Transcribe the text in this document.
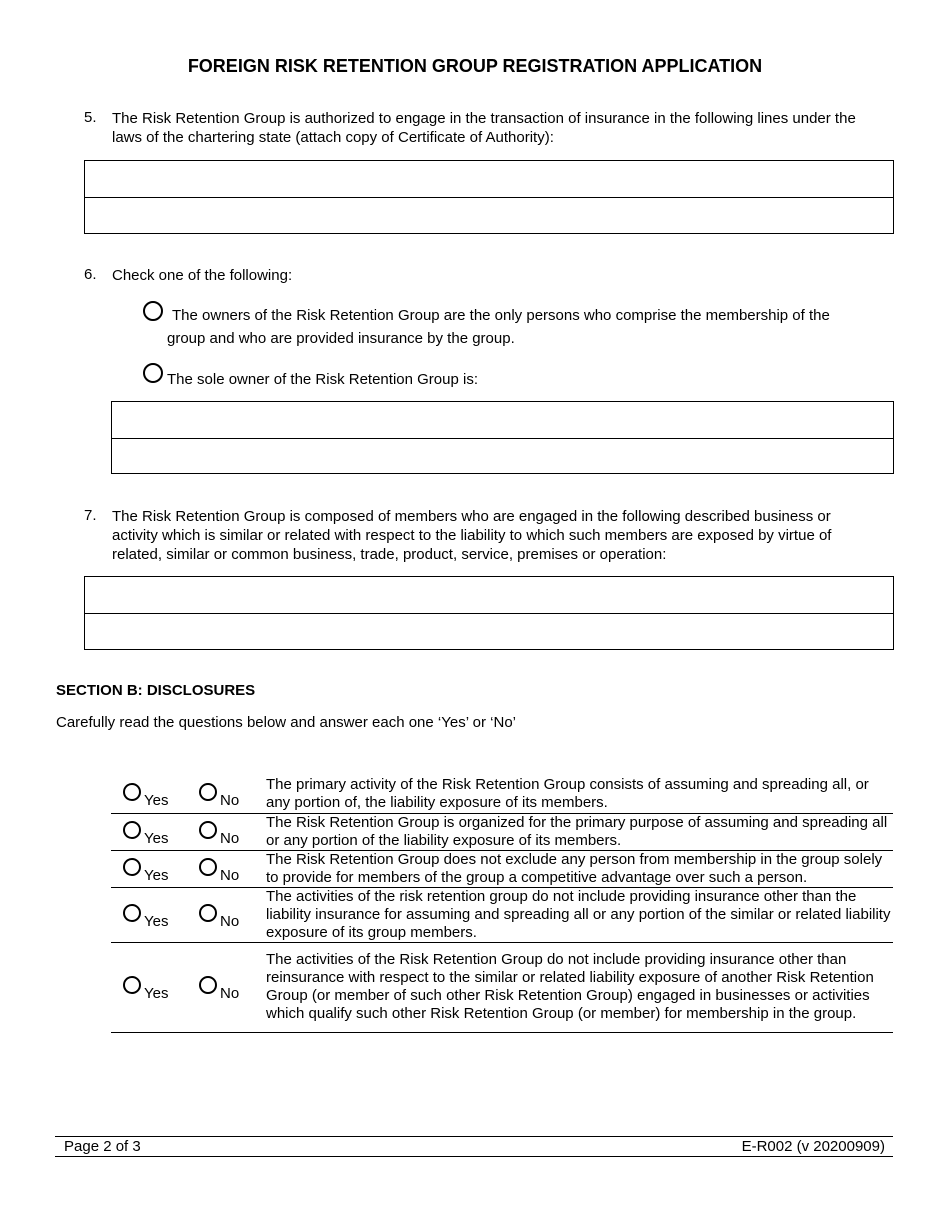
FOREIGN RISK RETENTION GROUP REGISTRATION APPLICATION
5. The Risk Retention Group is authorized to engage in the transaction of insurance in the following lines under the laws of the chartering state (attach copy of Certificate of Authority):
6. Check one of the following:
The owners of the Risk Retention Group are the only persons who comprise the membership of the
group and who are provided insurance by the group.
The sole owner of the Risk Retention Group is:
7. The Risk Retention Group is composed of members who are engaged in the following described business or activity which is similar or related with respect to the liability to which such members are exposed by virtue of related, similar or common business, trade, product, service, premises or operation:
SECTION B: DISCLOSURES
Carefully read the questions below and answer each one ‘Yes’ or ‘No’
Yes	No	The primary activity of the Risk Retention Group consists of assuming and spreading all, or any portion of, the liability exposure of its members.
Yes	No	The Risk Retention Group is organized for the primary purpose of assuming and spreading all or any portion of the liability exposure of its members.
Yes	No	The Risk Retention Group does not exclude any person from membership in the group solely to provide for members of the group a competitive advantage over such a person.
Yes	No	The activities of the risk retention group do not include providing insurance other than the liability insurance for assuming and spreading all or any portion of the similar or related liability exposure of its group members.
Yes	No	The activities of the Risk Retention Group do not include providing insurance other than reinsurance with respect to the similar or related liability exposure of another Risk Retention Group (or member of such other Risk Retention Group) engaged in businesses or activities which qualify such other Risk Retention Group (or member) for membership in the group.
Page 2 of 3	E-R002 (v 20200909)
